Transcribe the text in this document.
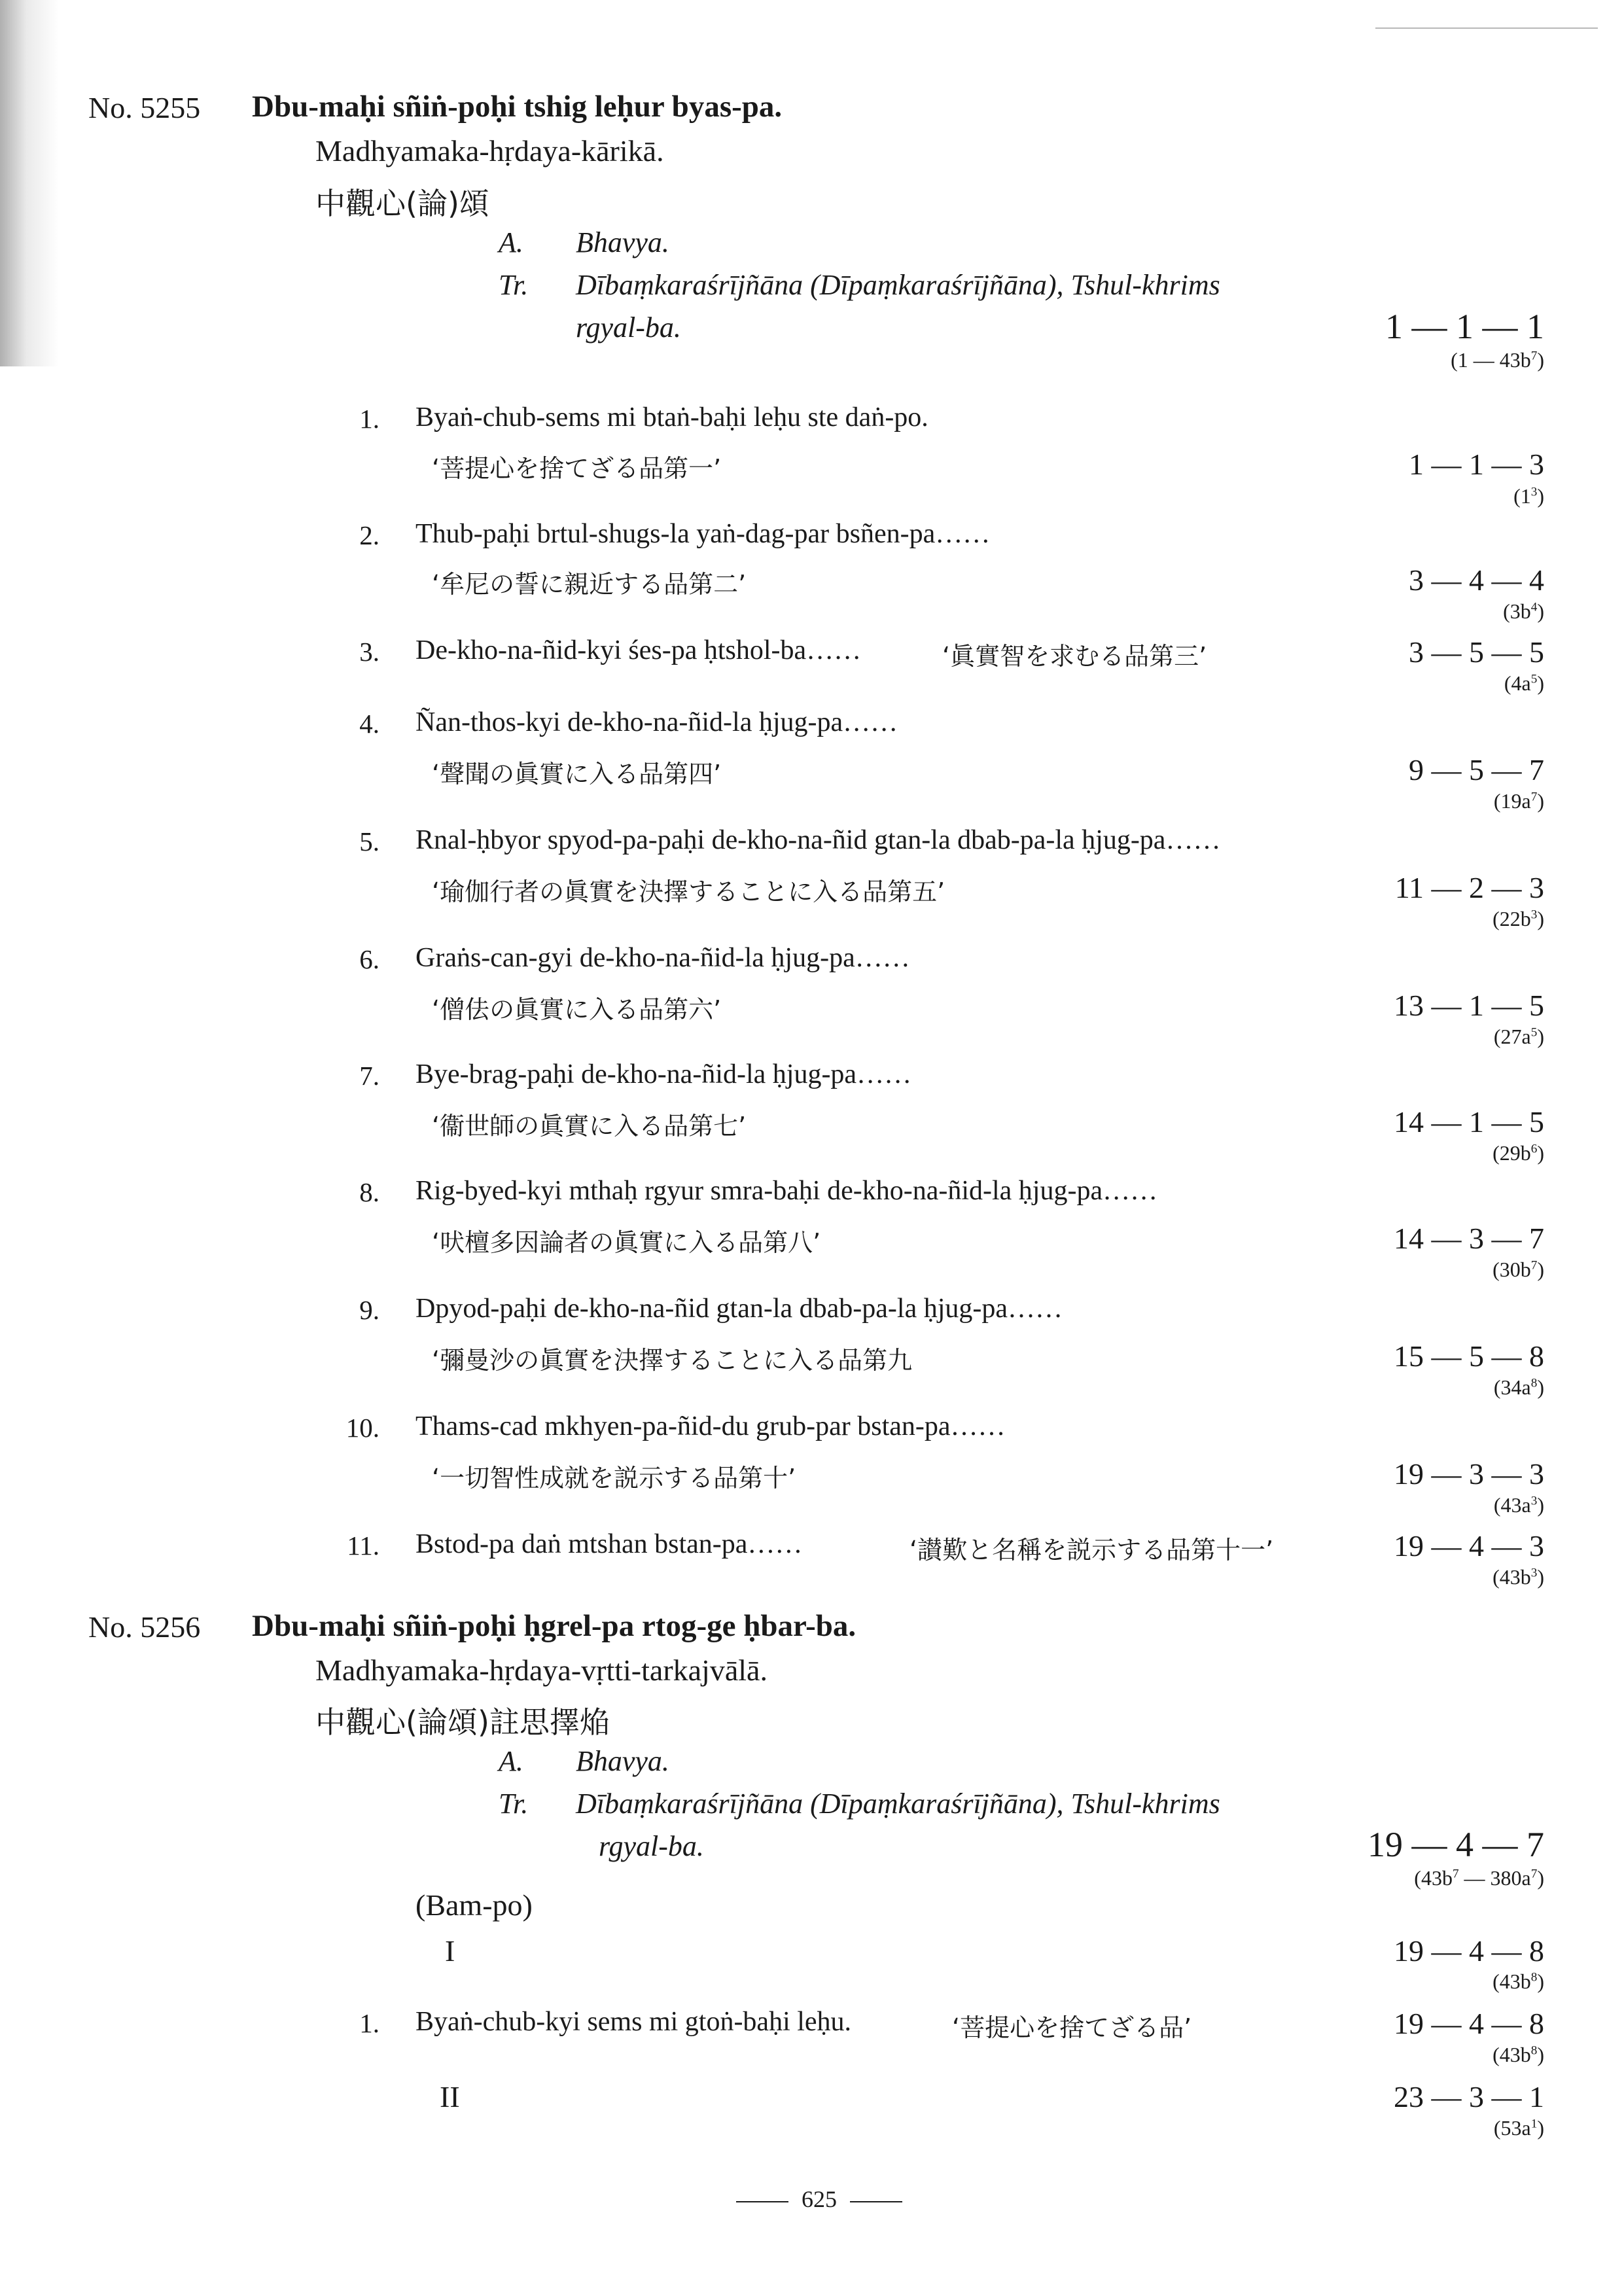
No. 5255 Dbu-maḥi sñiṅ-poḥi tshig leḥur byas-pa.
Madhyamaka-hṛdaya-kārikā.
中觀心(論)頌
A. Bhavya.
Tr. Dībaṃkaraśrījñāna (Dīpaṃkaraśrījñāna), Tshul-khrims
rgyal-ba.	1 — 1 — 1
(1 — $43b^7$)
1. Byaṅ-chub-sems mi btaṅ-baḥi leḥu ste daṅ-po.
‘菩提心を捨てざる品第一’	1 — 1 — 3
$(1^3)$
2. Thub-paḥi brtul-shugs-la yaṅ-dag-par bsñen-pa……
‘牟尼の誓に親近する品第二’	3 — 4 — 4
$(3b^4)$
3. De-kho-na-ñid-kyi śes-pa ḥtshol-ba……	‘眞實智を求むる品第三’	3 — 5 — 5
$(4a^5)$
4. Ñan-thos-kyi de-kho-na-ñid-la ḥjug-pa……
‘聲聞の眞實に入る品第四’	9 — 5 — 7
$(19a^7)$
5. Rnal-ḥbyor spyod-pa-paḥi de-kho-na-ñid gtan-la dbab-pa-la ḥjug-pa……
‘瑜伽行者の眞實を決擇することに入る品第五’	11 — 2 — 3
$(22b^3)$
6. Graṅs-can-gyi de-kho-na-ñid-la ḥjug-pa……
‘僧佉の眞實に入る品第六’	13 — 1 — 5
$(27a^5)$
7. Bye-brag-paḥi de-kho-na-ñid-la ḥjug-pa……
‘衞世師の眞實に入る品第七’	14 — 1 — 5
$(29b^6)$
8. Rig-byed-kyi mthaḥ rgyur smra-baḥi de-kho-na-ñid-la ḥjug-pa……
‘吠檀多因論者の眞實に入る品第八’	14 — 3 — 7
$(30b^7)$
9. Dpyod-paḥi de-kho-na-ñid gtan-la dbab-pa-la ḥjug-pa……
‘彌曼沙の眞實を決擇することに入る品第九	15 — 5 — 8
$(34a^8)$
10. Thams-cad mkhyen-pa-ñid-du grub-par bstan-pa……
‘一切智性成就を説示する品第十’	19 — 3 — 3
$(43a^3)$
11. Bstod-pa daṅ mtshan bstan-pa……	‘讃歎と名稱を説示する品第十一’	19 — 4 — 3
$(43b^3)$
No. 5256 Dbu-maḥi sñiṅ-poḥi ḥgrel-pa rtog-ge ḥbar-ba.
Madhyamaka-hṛdaya-vṛtti-tarkajvālā.
中觀心(論頌)註思擇焔
A. Bhavya.
Tr. Dībaṃkaraśrījñāna (Dīpaṃkaraśrījñāna), Tshul-khrims
rgyal-ba.	19 — 4 — 7
($43b^7$ — $380a^7$)
(Bam-po)
I	19 — 4 — 8
$(43b^8)$
1. Byaṅ-chub-kyi sems mi gtoṅ-baḥi leḥu.	‘菩提心を捨てざる品’	19 — 4 — 8
$(43b^8)$
II	23 — 3 — 1
$(53a^1)$
625
